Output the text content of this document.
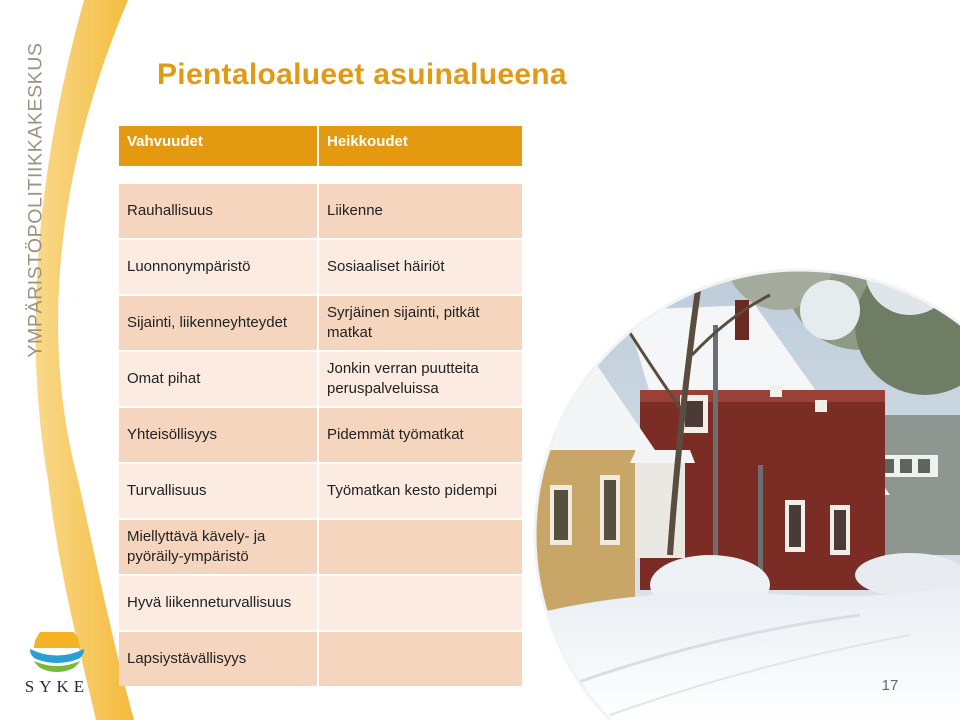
YMPÄRISTÖPOLITIIKKAKESKUS
SYKE
Pientaloalueet asuinalueena
Vahvuudet	Heikkoudet

Rauhallisuus	Liikenne
Luonnonympäristö	Sosiaaliset häiriöt
Sijainti, liikenneyhteydet	Syrjäinen sijainti, pitkät matkat
Omat pihat	Jonkin verran puutteita peruspalveluissa
Yhteisöllisyys	Pidemmät työmatkat
Turvallisuus	Työmatkan kesto pidempi
Miellyttävä kävely- ja pyöräily-ympäristö	
Hyvä liikenneturvallisuus	
Lapsiystävällisyys	
17
